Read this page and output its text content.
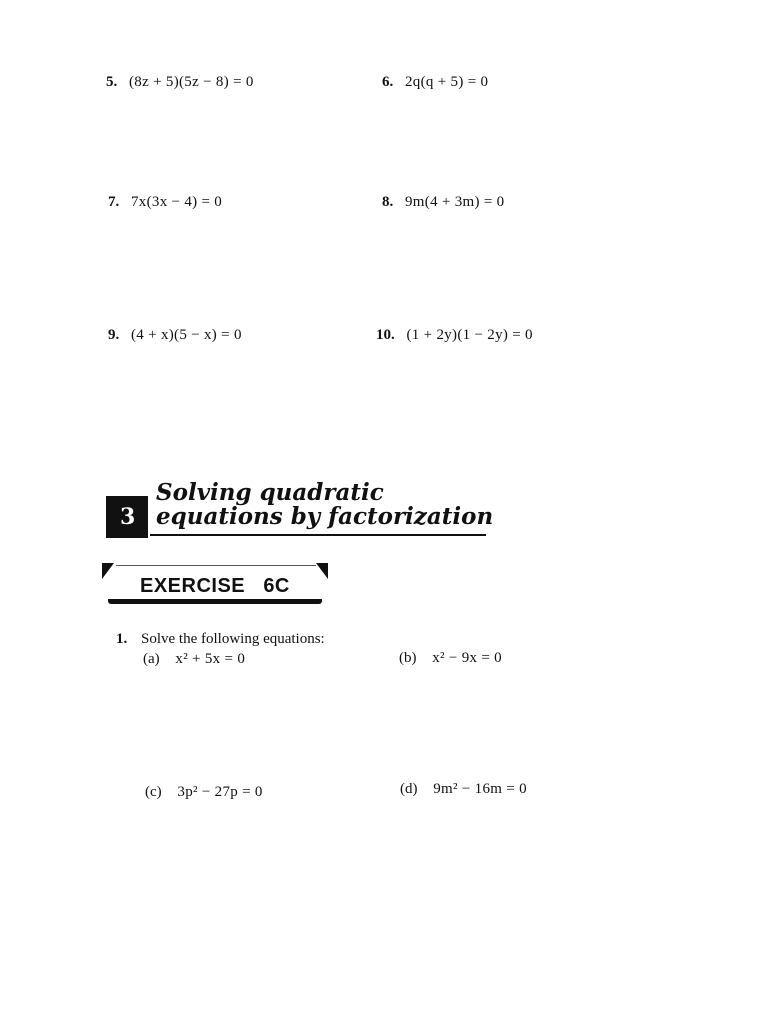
5. (8z + 5)(5z − 8) = 0	6. 2q(q + 5) = 0
7. 7x(3x − 4) = 0	8. 9m(4 + 3m) = 0
9. (4 + x)(5 − x) = 0	10. (1 + 2y)(1 − 2y) = 0
3
Solving quadratic
equations by factorization
EXERCISE   6C
1. Solve the following equations:
(a) x² + 5x = 0	(b) x² − 9x = 0
(c) 3p² − 27p = 0	(d) 9m² − 16m = 0
